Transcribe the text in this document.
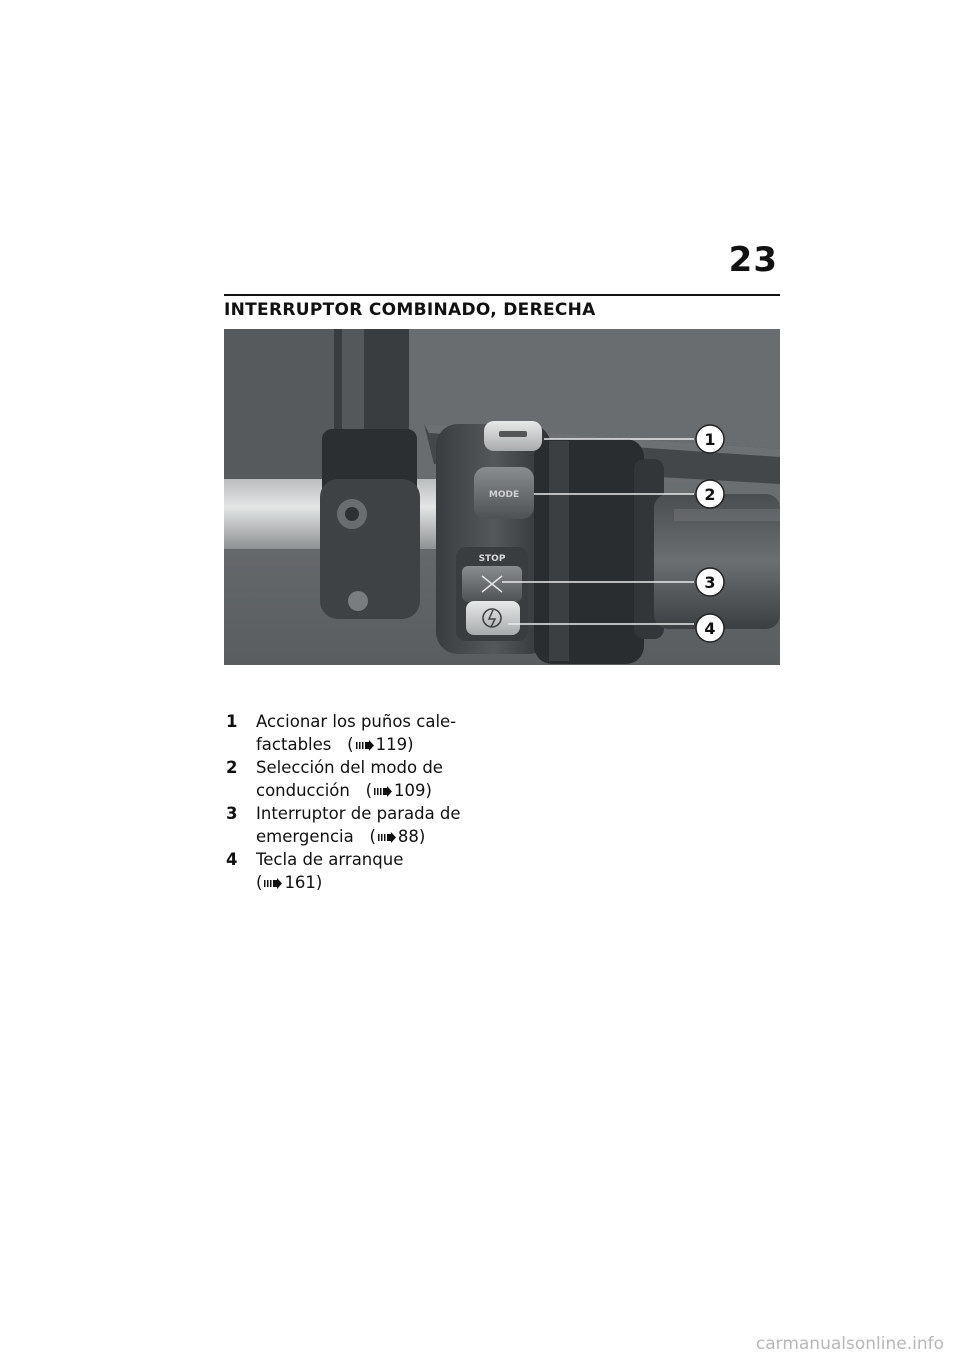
23
INTERRUPTOR COMBINADO, DERECHA
MODE
STOP
1
2
3
4
1	Accionar los puños cale-
factables ( 119)
2	Selección del modo de
conducción ( 109)
3	Interruptor de parada de
emergencia ( 88)
4	Tecla de arranque
( 161)
carmanualsonline.info
